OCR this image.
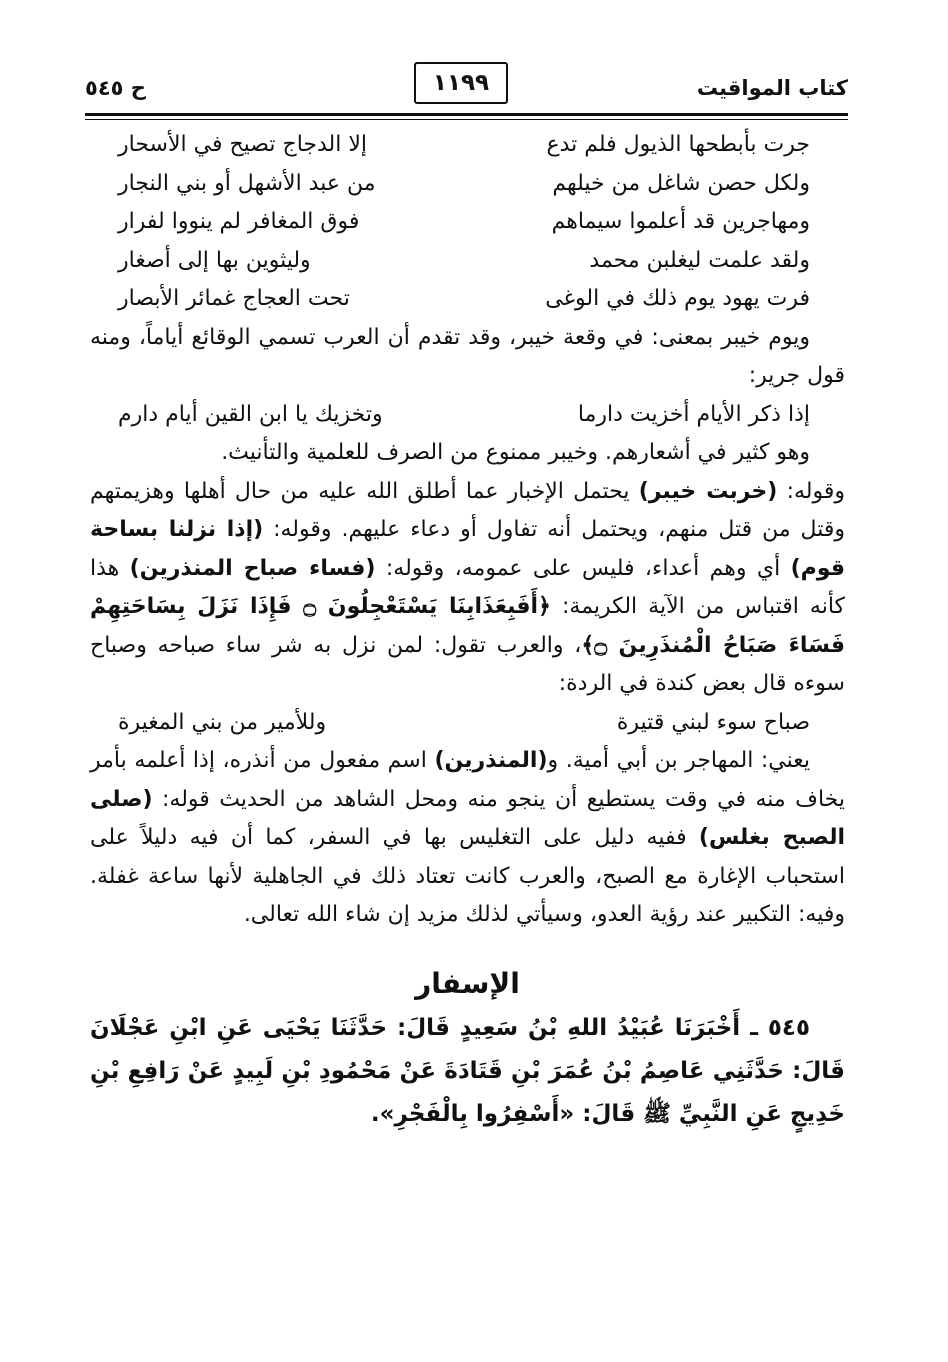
ح ٥٤٥	١١٩٩	كتاب المواقيت
جرت بأبطحها الذيول فلم تدع
إلا الدجاج تصيح في الأسحار
ولكل حصن شاغل من خيلهم
من عبد الأشهل أو بني النجار
ومهاجرين قد أعلموا سيماهم
فوق المغافر لم ينووا لفرار
ولقد علمت ليغلبن محمد
وليثوين بها إلى أصغار
فرت يهود يوم ذلك في الوغى
تحت العجاج غمائر الأبصار

ويوم خيبر بمعنى: في وقعة خيبر، وقد تقدم أن العرب تسمي الوقائع أياماً، ومنه قول جرير:

إذا ذكر الأيام أخزيت دارما
وتخزيك يا ابن القين أيام دارم

وهو كثير في أشعارهم. وخيبر ممنوع من الصرف للعلمية والتأنيث.

وقوله: (خربت خيبر) يحتمل الإخبار عما أطلق الله عليه من حال أهلها وهزيمتهم وقتل من قتل منهم، ويحتمل أنه تفاول أو دعاء عليهم. وقوله: (إذا نزلنا بساحة قوم) أي وهم أعداء، فليس على عمومه، وقوله: (فساء صباح المنذرين) هذا كأنه اقتباس من الآية الكريمة: ﴿أَفَبِعَذَابِنَا يَسْتَعْجِلُونَ ۝ فَإِذَا نَزَلَ بِسَاحَتِهِمْ فَسَاءَ صَبَاحُ الْمُنذَرِينَ ۝﴾، والعرب تقول: لمن نزل به شر ساء صباحه وصباح سوءه قال بعض كندة في الردة:

صباح سوء لبني قتيرة
وللأمير من بني المغيرة

يعني: المهاجر بن أبي أمية. و(المنذرين) اسم مفعول من أنذره، إذا أعلمه بأمر يخاف منه في وقت يستطيع أن ينجو منه ومحل الشاهد من الحديث قوله: (صلى الصبح بغلس) ففيه دليل على التغليس بها في السفر، كما أن فيه دليلاً على استحباب الإغارة مع الصبح، والعرب كانت تعتاد ذلك في الجاهلية لأنها ساعة غفلة. وفيه: التكبير عند رؤية العدو، وسيأتي لذلك مزيد إن شاء الله تعالى.

الإسفار

٥٤٥ ـ أَخْبَرَنَا عُبَيْدُ اللهِ بْنُ سَعِيدٍ قَالَ: حَدَّثَنَا يَحْيَى عَنِ ابْنِ عَجْلَانَ قَالَ: حَدَّثَنِي عَاصِمُ بْنُ عُمَرَ بْنِ قَتَادَةَ عَنْ مَحْمُودِ بْنِ لَبِيدٍ عَنْ رَافِعِ بْنِ خَدِيجٍ عَنِ النَّبِيِّ ﷺ قَالَ: «أَسْفِرُوا بِالْفَجْرِ».
